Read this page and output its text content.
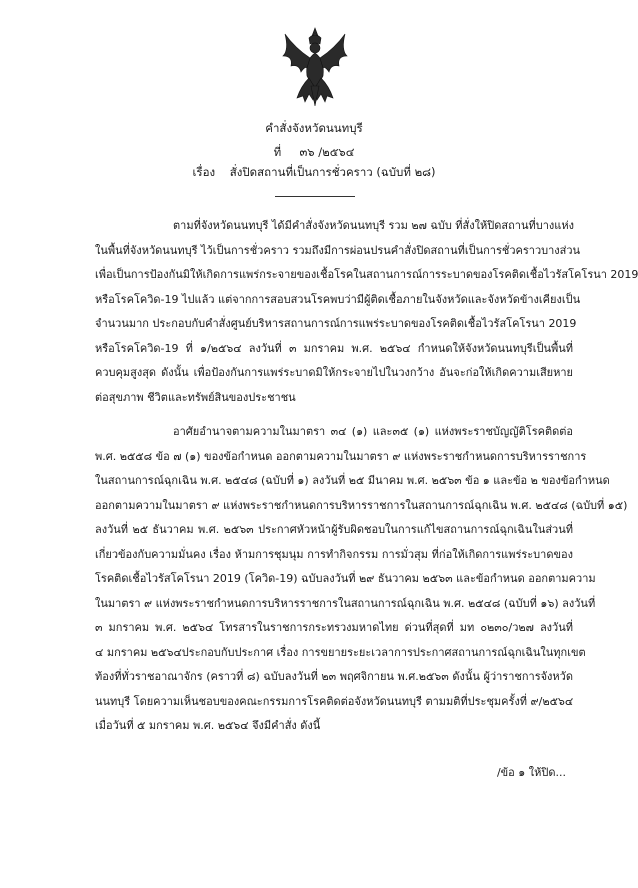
คำสั่งจังหวัดนนทบุรี
ที่ ๓๖ /๒๕๖๔
เรื่อง สั่งปิดสถานที่เป็นการชั่วคราว (ฉบับที่ ๒๘)
ตามที่จังหวัดนนทบุรี ได้มีคำสั่งจังหวัดนนทบุรี รวม ๒๗ ฉบับ ที่สั่งให้ปิดสถานที่บางแห่ง
ในพื้นที่จังหวัดนนทบุรี ไว้เป็นการชั่วคราว รวมถึงมีการผ่อนปรนคำสั่งปิดสถานที่เป็นการชั่วคราวบางส่วน
เพื่อเป็นการป้องกันมิให้เกิดการแพร่กระจายของเชื้อโรคในสถานการณ์การระบาดของโรคติดเชื้อไวรัสโคโรนา 2019
หรือโรคโควิด-19 ไปแล้ว แต่จากการสอบสวนโรคพบว่ามีผู้ติดเชื้อภายในจังหวัดและจังหวัดข้างเคียงเป็น
จำนวนมาก ประกอบกับคำสั่งศูนย์บริหารสถานการณ์การแพร่ระบาดของโรคติดเชื้อไวรัสโคโรนา 2019
หรือโรคโควิด-19 ที่ ๑/๒๕๖๔ ลงวันที่ ๓ มกราคม พ.ศ. ๒๕๖๔ กำหนดให้จังหวัดนนทบุรีเป็นพื้นที่
ควบคุมสูงสุด ดังนั้น เพื่อป้องกันการแพร่ระบาดมิให้กระจายไปในวงกว้าง อันจะก่อให้เกิดความเสียหาย
ต่อสุขภาพ ชีวิตและทรัพย์สินของประชาชน
อาศัยอำนาจตามความในมาตรา ๓๔ (๑) และ๓๕ (๑) แห่งพระราชบัญญัติโรคติดต่อ
พ.ศ. ๒๕๕๘ ข้อ ๗ (๑) ของข้อกำหนด ออกตามความในมาตรา ๙ แห่งพระราชกำหนดการบริหารราชการ
ในสถานการณ์ฉุกเฉิน พ.ศ. ๒๕๔๘ (ฉบับที่ ๑) ลงวันที่ ๒๕ มีนาคม พ.ศ. ๒๕๖๓ ข้อ ๑ และข้อ ๒ ของข้อกำหนด
ออกตามความในมาตรา ๙ แห่งพระราชกำหนดการบริหารราชการในสถานการณ์ฉุกเฉิน พ.ศ. ๒๕๔๘ (ฉบับที่ ๑๕)
ลงวันที่ ๒๕ ธันวาคม พ.ศ. ๒๕๖๓ ประกาศหัวหน้าผู้รับผิดชอบในการแก้ไขสถานการณ์ฉุกเฉินในส่วนที่
เกี่ยวข้องกับความมั่นคง เรื่อง ห้ามการชุมนุม การทำกิจกรรม การมั่วสุม ที่ก่อให้เกิดการแพร่ระบาดของ
โรคติดเชื้อไวรัสโคโรนา 2019 (โควิด-19) ฉบับลงวันที่ ๒๙ ธันวาคม ๒๕๖๓ และข้อกำหนด ออกตามความ
ในมาตรา ๙ แห่งพระราชกำหนดการบริหารราชการในสถานการณ์ฉุกเฉิน พ.ศ. ๒๕๔๘ (ฉบับที่ ๑๖) ลงวันที่
๓ มกราคม พ.ศ. ๒๕๖๔ โทรสารในราชการกระทรวงมหาดไทย ด่วนที่สุดที่ มท ๐๒๓๐/ว๒๗ ลงวันที่
๔ มกราคม ๒๕๖๔ประกอบกับประกาศ เรื่อง การขยายระยะเวลาการประกาศสถานการณ์ฉุกเฉินในทุกเขต
ท้องที่ทั่วราชอาณาจักร (คราวที่ ๘) ฉบับลงวันที่ ๒๓ พฤศจิกายน พ.ศ.๒๕๖๓ ดังนั้น ผู้ว่าราชการจังหวัด
นนทบุรี โดยความเห็นชอบของคณะกรรมการโรคติดต่อจังหวัดนนทบุรี ตามมติที่ประชุมครั้งที่ ๙/๒๕๖๔
เมื่อวันที่ ๕ มกราคม พ.ศ. ๒๕๖๔ จึงมีคำสั่ง ดังนี้
/ข้อ ๑ ให้ปิด...
